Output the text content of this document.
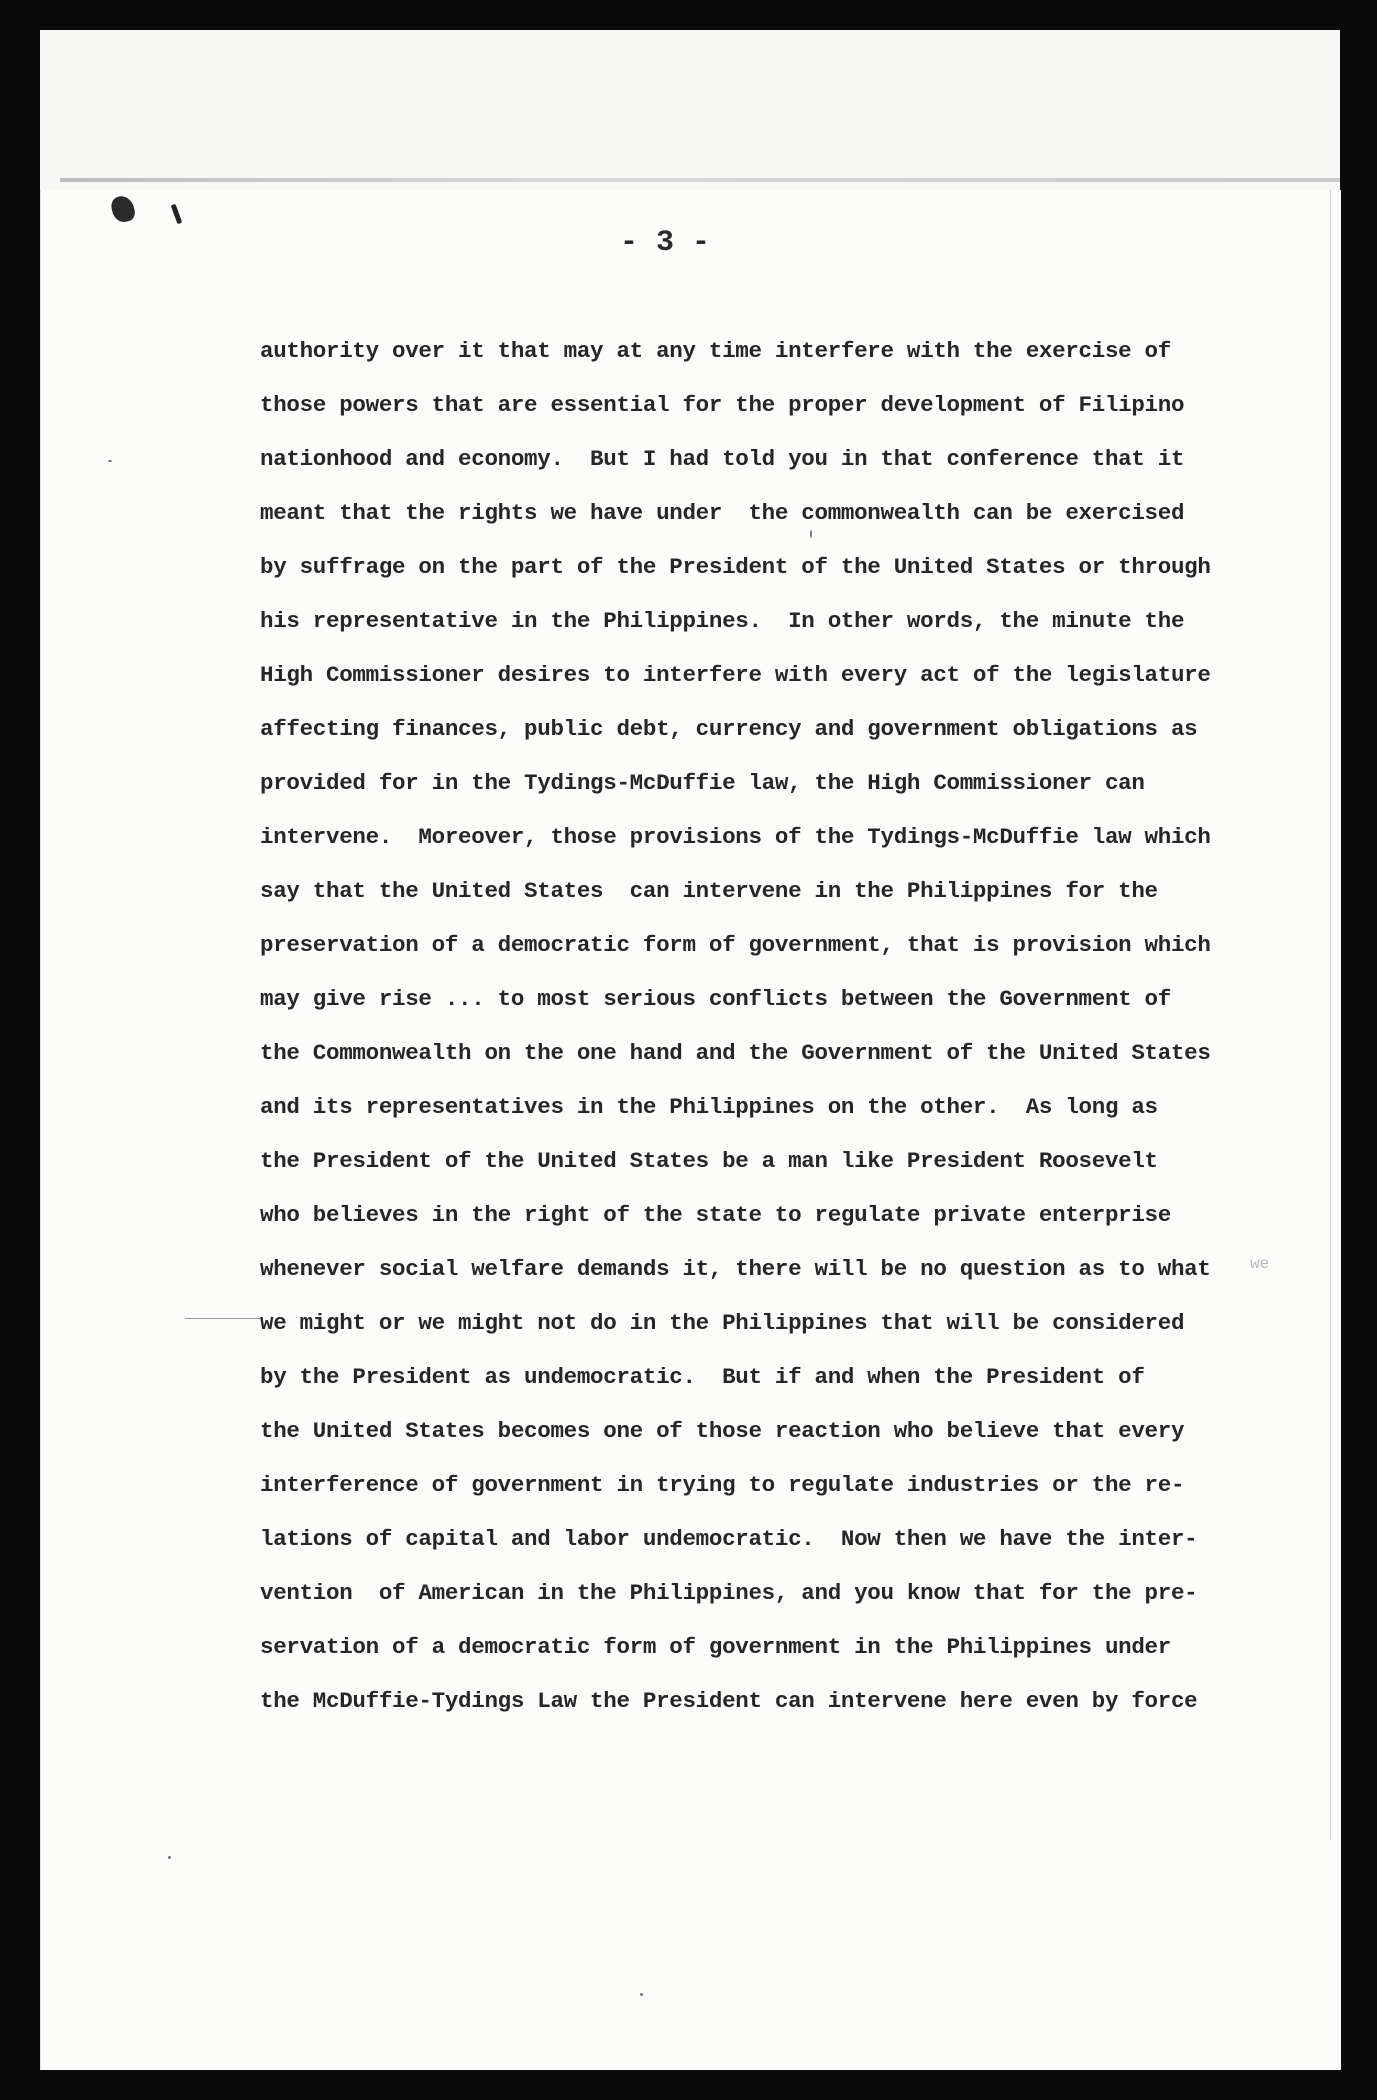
we
- 3 -
authority over it that may at any time interfere with the exercise of
those powers that are essential for the proper development of Filipino
nationhood and economy.  But I had told you in that conference that it
meant that the rights we have under  the commonwealth can be exercised
by suffrage on the part of the President of the United States or through
his representative in the Philippines.  In other words, the minute the
High Commissioner desires to interfere with every act of the legislature
affecting finances, public debt, currency and government obligations as
provided for in the Tydings-McDuffie law, the High Commissioner can
intervene.  Moreover, those provisions of the Tydings-McDuffie law which
say that the United States  can intervene in the Philippines for the
preservation of a democratic form of government, that is provision which
may give rise ... to most serious conflicts between the Government of
the Commonwealth on the one hand and the Government of the United States
and its representatives in the Philippines on the other.  As long as
the President of the United States be a man like President Roosevelt
who believes in the right of the state to regulate private enterprise
whenever social welfare demands it, there will be no question as to what
we might or we might not do in the Philippines that will be considered
by the President as undemocratic.  But if and when the President of
the United States becomes one of those reaction who believe that every
interference of government in trying to regulate industries or the re-
lations of capital and labor undemocratic.  Now then we have the inter-
vention  of American in the Philippines, and you know that for the pre-
servation of a democratic form of government in the Philippines under
the McDuffie-Tydings Law the President can intervene here even by force
